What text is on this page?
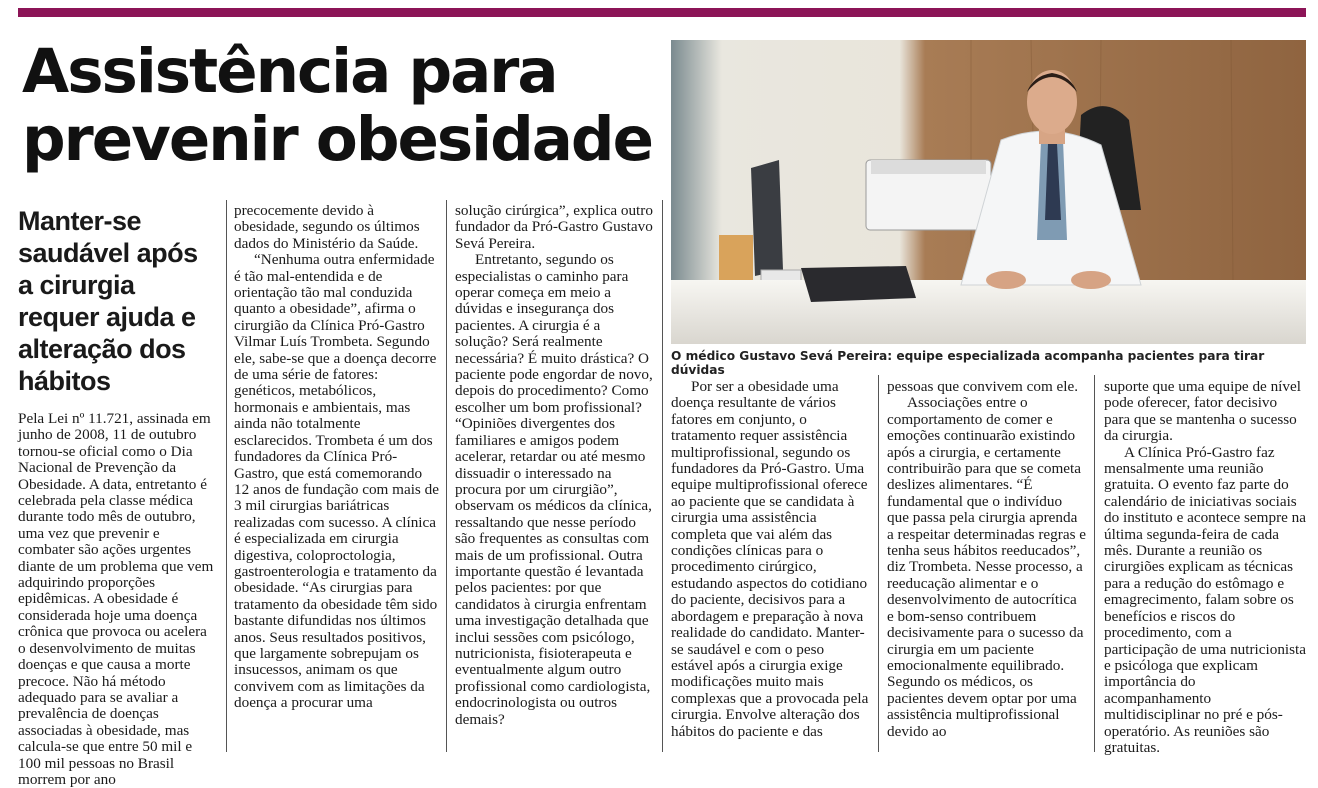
Assistência para prevenir obesidade
Manter-se saudável após a cirurgia requer ajuda e alteração dos hábitos

Pela Lei nº 11.721, assinada em junho de 2008, 11 de outubro tornou-se oficial como o Dia Nacional de Prevenção da Obesidade. A data, entretanto é celebrada pela classe médica durante todo mês de outubro, uma vez que prevenir e combater são ações urgentes diante de um problema que vem adquirindo proporções epidêmicas. A obesidade é considerada hoje uma doença crônica que provoca ou acelera o desenvolvimento de muitas doenças e que causa a morte precoce. Não há método adequado para se avaliar a prevalência de doenças associadas à obesidade, mas calcula-se que entre 50 mil e 100 mil pessoas no Brasil morrem por ano

precocemente devido à obesidade, segundo os últimos dados do Ministério da Saúde.

“Nenhuma outra enfermidade é tão mal-entendida e de orientação tão mal conduzida quanto a obesidade”, afirma o cirurgião da Clínica Pró-Gastro Vilmar Luís Trombeta. Segundo ele, sabe-se que a doença decorre de uma série de fatores: genéticos, metabólicos, hormonais e ambientais, mas ainda não totalmente esclarecidos. Trombeta é um dos fundadores da Clínica Pró-Gastro, que está comemorando 12 anos de fundação com mais de 3 mil cirurgias bariátricas realizadas com sucesso. A clínica é especializada em cirurgia digestiva, coloproctologia, gastroenterologia e tratamento da obesidade. “As cirurgias para tratamento da obesidade têm sido bastante difundidas nos últimos anos. Seus resultados positivos, que largamente sobrepujam os insucessos, animam os que convivem com as limitações da doença a procurar uma

solução cirúrgica”, explica outro fundador da Pró-Gastro Gustavo Sevá Pereira.

Entretanto, segundo os especialistas o caminho para operar começa em meio a dúvidas e insegurança dos pacientes. A cirurgia é a solução? Será realmente necessária? É muito drástica? O paciente pode engordar de novo, depois do procedimento? Como escolher um bom profissional? “Opiniões divergentes dos familiares e amigos podem acelerar, retardar ou até mesmo dissuadir o interessado na procura por um cirurgião”, observam os médicos da clínica, ressaltando que nesse período são frequentes as consultas com mais de um profissional. Outra importante questão é levantada pelos pacientes: por que candidatos à cirurgia enfrentam uma investigação detalhada que inclui sessões com psicólogo, nutricionista, fisioterapeuta e eventualmente algum outro profissional como cardiologista, endocrinologista ou outros demais?

O médico Gustavo Sevá Pereira: equipe especializada acompanha pacientes para tirar dúvidas

Por ser a obesidade uma doença resultante de vários fatores em conjunto, o tratamento requer assistência multiprofissional, segundo os fundadores da Pró-Gastro. Uma equipe multiprofissional oferece ao paciente que se candidata à cirurgia uma assistência completa que vai além das condições clínicas para o procedimento cirúrgico, estudando aspectos do cotidiano do paciente, decisivos para a abordagem e preparação à nova realidade do candidato. Manter-se saudável e com o peso estável após a cirurgia exige modificações muito mais complexas que a provocada pela cirurgia. Envolve alteração dos hábitos do paciente e das

pessoas que convivem com ele.

Associações entre o comportamento de comer e emoções continuarão existindo após a cirurgia, e certamente contribuirão para que se cometa deslizes alimentares. “É fundamental que o indivíduo que passa pela cirurgia aprenda a respeitar determinadas regras e tenha seus hábitos reeducados”, diz Trombeta. Nesse processo, a reeducação alimentar e o desenvolvimento de autocrítica e bom-senso contribuem decisivamente para o sucesso da cirurgia em um paciente emocionalmente equilibrado. Segundo os médicos, os pacientes devem optar por uma assistência multiprofissional devido ao

suporte que uma equipe de nível pode oferecer, fator decisivo para que se mantenha o sucesso da cirurgia.

A Clínica Pró-Gastro faz mensalmente uma reunião gratuita. O evento faz parte do calendário de iniciativas sociais do instituto e acontece sempre na última segunda-feira de cada mês. Durante a reunião os cirurgiões explicam as técnicas para a redução do estômago e emagrecimento, falam sobre os benefícios e riscos do procedimento, com a participação de uma nutricionista e psicóloga que explicam importância do acompanhamento multidisciplinar no pré e pós-operatório. As reuniões são gratuitas.
